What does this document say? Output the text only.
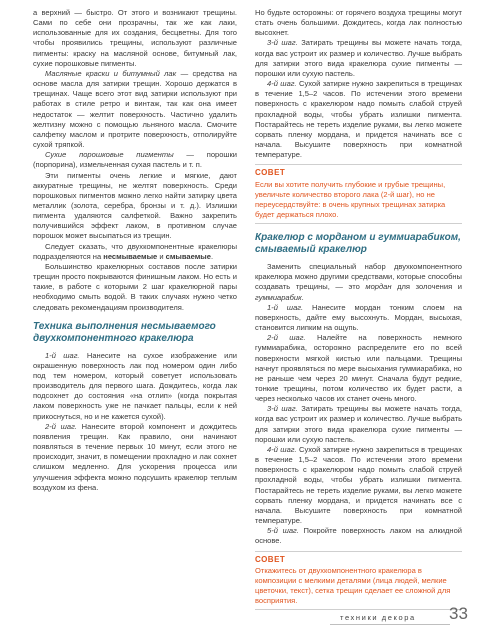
а верхний — быстро. От этого и возникают трещины. Сами по себе они прозрачны, так же как лаки, использованные для их создания, бесцветны. Для того чтобы проявились трещины, используют различные пигменты: краску на масляной основе, битумный лак, сухие порошковые пигменты.

Масляные краски и битумный лак — средства на основе масла для затирки трещин. Хорошо держатся в трещинах. Чаще всего этот вид затирки используют при работах в стиле ретро и винтаж, так как она имеет недостаток — желтит поверхность. Частично удалить желтизну можно с помощью льняного масла. Смочите салфетку маслом и протрите поверхность, отполируйте сухой тряпкой.

Сухие порошковые пигменты — порошки (порпорина), измельченная сухая пастель и т. п.

Эти пигменты очень легкие и мягкие, дают аккуратные трещины, не желтят поверхность. Среди порошковых пигментов можно легко найти затирку цвета металлик (золота, серебра, бронзы и т. д.). Излишки пигмента удаляются салфеткой. Важно закрепить получившийся эффект лаком, в противном случае порошок может высыпаться из трещин.

Следует сказать, что двухкомпонентные кракелюры подразделяются на несмываемые и смываемые.

Большинство кракелюрных составов после затирки трещин просто покрываются финишным лаком. Но есть и такие, в работе с которыми 2 шаг кракелюрной пары необходимо смыть водой. В таких случаях нужно четко следовать рекомендациям производителя.

Техника выполнения несмываемого двухкомпонентного кракелюра

1-й шаг. Нанесите на сухое изображение или окрашенную поверхность лак под номером один либо под тем номером, который советует использовать производитель для первого шага. Дождитесь, когда лак подсохнет до состояния «на отлип» (когда покрытая лаком поверхность уже не пачкает пальцы, если к ней прикоснуться, но и не кажется сухой).

2-й шаг. Нанесите второй компонент и дождитесь появления трещин. Как правило, они начинают появляться в течение первых 10 минут, если этого не происходит, значит, в помещении прохладно и лак сохнет слишком медленно. Для ускорения процесса или улучшения эффекта можно подсушить кракелюр теплым воздухом из фена.

Но будьте осторожны: от горячего воздуха трещины могут стать очень большими. Дождитесь, когда лак полностью высохнет.

3-й шаг. Затирать трещины вы можете начать тогда, когда вас устроит их размер и количество. Лучше выбрать для затирки этого вида кракелюра сухие пигменты — порошки или сухую пастель.

4-й шаг. Сухой затирке нужно закрепиться в трещинах в течение 1,5–2 часов. По истечении этого времени поверхность с кракелюром надо помыть слабой струей прохладной воды, чтобы убрать излишки пигмента. Постарайтесь не тереть изделие руками, вы легко можете сорвать пленку мордана, и придется начинать все с начала. Высушите поверхность при комнатной температуре.

СОВЕТ

Если вы хотите получить глубокие и грубые трещины, увеличьте количество второго лака (2-й шаг), но не переусердствуйте: в очень крупных трещинах затирка будет держаться плохо.

Кракелюр с морданом и гуммиарабиком, смываемый кракелюр

Заменить специальный набор двухкомпонентного кракелюра можно другими средствами, которые способны создавать трещины, — это мордан для золочения и гуммиарабик.

1-й шаг. Нанесите мордан тонким слоем на поверхность, дайте ему высохнуть. Мордан, высыхая, становится липким на ощупь.

2-й шаг. Налейте на поверхность немного гуммиарабика, осторожно распределите его по всей поверхности мягкой кистью или пальцами. Трещины начнут проявляться по мере высыхания гуммиарабика, но не раньше чем через 20 минут. Сначала будут редкие, тонкие трещины, потом количество их будет расти, а через несколько часов их станет очень много.

3-й шаг. Затирать трещины вы можете начать тогда, когда вас устроит их размер и количество. Лучше выбрать для затирки этого вида кракелюра сухие пигменты — порошки или сухую пастель.

4-й шаг. Сухой затирке нужно закрепиться в трещинах в течение 1,5–2 часов. По истечении этого времени поверхность с кракелюром надо помыть слабой струей прохладной воды, чтобы убрать излишки пигмента. Постарайтесь не тереть изделие руками, вы легко можете сорвать пленку мордана, и придется начинать все с начала. Высушите поверхность при комнатной температуре.

5-й шаг. Покройте поверхность лаком на алкидной основе.

СОВЕТ

Откажитесь от двухкомпонентного кракелюра в композиции с мелкими деталями (лица людей, мелкие цветочки, текст), сетка трещин сделает ее сложной для восприятия.

техники декора 33
